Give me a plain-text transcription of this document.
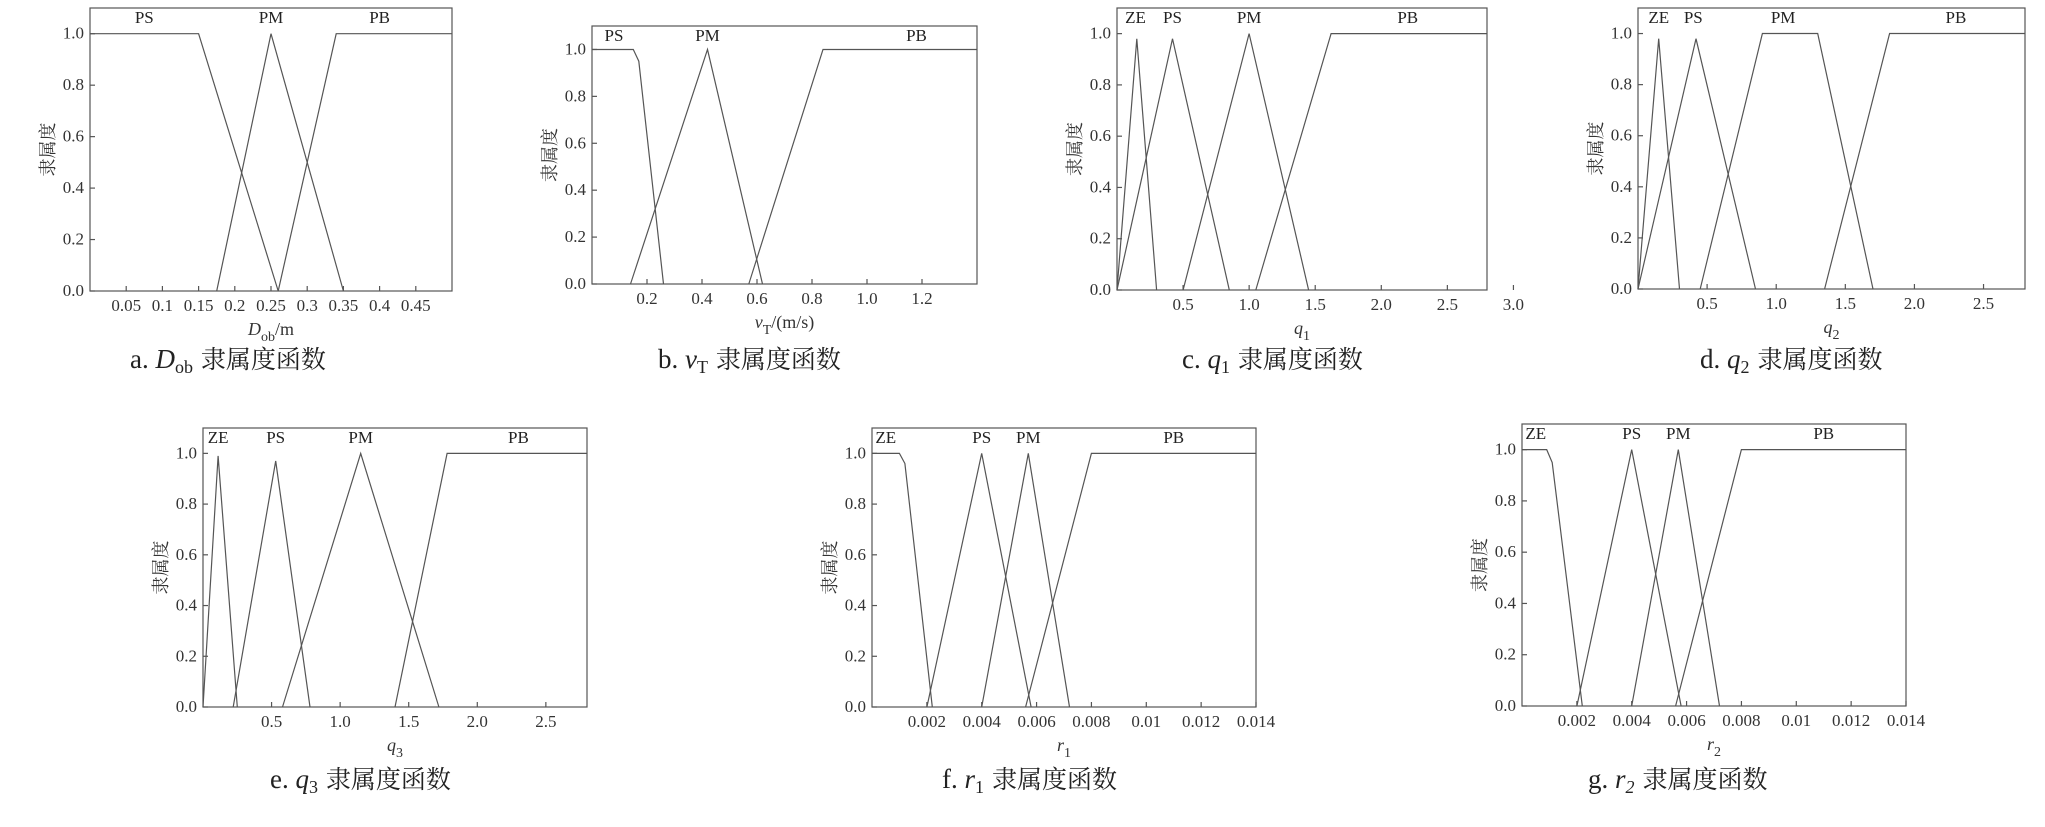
0.0
0.2
0.4
0.6
0.8
1.0
0.05 0.1 0.15 0.2 0.25 0.3 0.35 0.4 0.45
隶属度
$D_{ob}/m$
PS	PM	PB
0.0
0.2
0.4
0.6
0.8
1.0
0.2 0.4 0.6 0.8 1.0 1.2
隶属度
$v_T/(m/s)$
PS	PM	PB
0.0
0.2
0.4
0.6
0.8
1.0
0.5	1.0	1.5	2.0	2.5	3.0
隶属度
$q_1$
ZE PS	PM	PB
0.0
0.2
0.4
0.6
0.8
1.0
0.5	1.0	1.5	2.0	2.5
隶属度
$q_2$
ZE PS	PM	PB
0.0
0.2
0.4
0.6
0.8
1.0
0.5	1.0	1.5	2.0	2.5
隶属度
$q_3$
ZE PS	PM	PB
0.0
0.2
0.4
0.6
0.8
1.0
0.002 0.004 0.006 0.008 0.01 0.012 0.014
隶属度
$r_1$
ZE	PS PM	PB
0.0
0.2
0.4
0.6
0.8
1.0
0.002 0.004 0.006 0.008 0.01 0.012 0.014
隶属度
$r_2$
ZE	PS PM	PB
a. $D_{ob}$ 隶属度函数	b. $v_T$ 隶属度函数	c. $q_1$ 隶属度函数	d. $q_2$ 隶属度函数
e. $q_3$ 隶属度函数	f. $r_1$ 隶属度函数	g. $r_2$ 隶属度函数
